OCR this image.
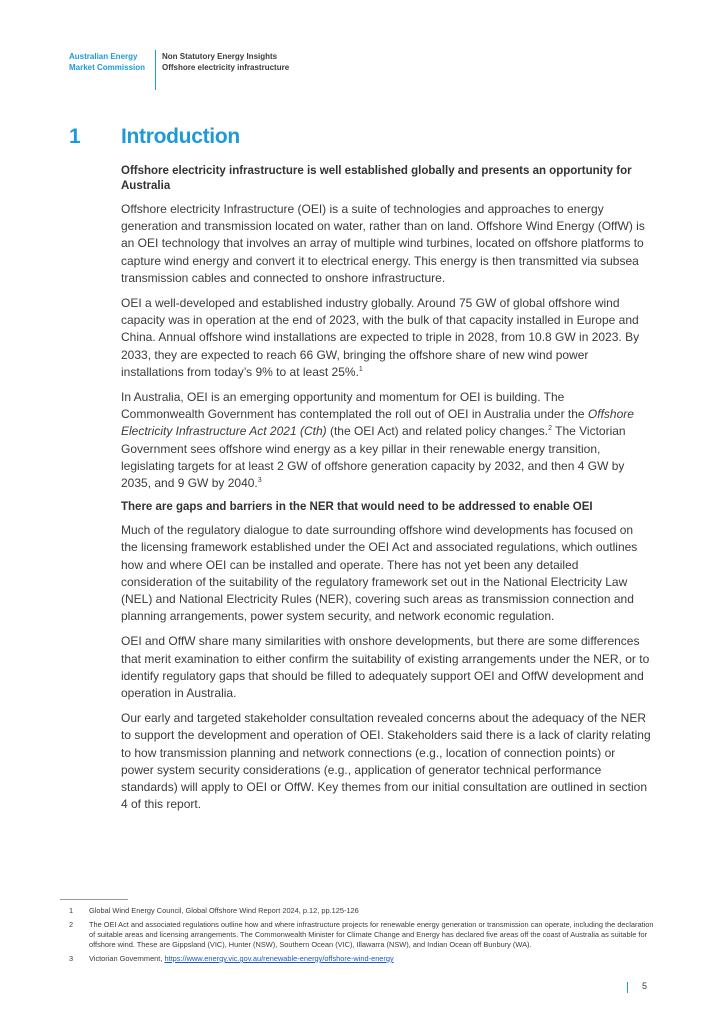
Australian Energy
Market Commission
Non Statutory Energy Insights
Offshore electricity infrastructure
1 Introduction
Offshore electricity infrastructure is well established globally and presents an opportunity for Australia

Offshore electricity Infrastructure (OEI) is a suite of technologies and approaches to energy generation and transmission located on water, rather than on land. Offshore Wind Energy (OffW) is an OEI technology that involves an array of multiple wind turbines, located on offshore platforms to capture wind energy and convert it to electrical energy. This energy is then transmitted via subsea transmission cables and connected to onshore infrastructure.

OEI a well-developed and established industry globally. Around 75 GW of global offshore wind capacity was in operation at the end of 2023, with the bulk of that capacity installed in Europe and China. Annual offshore wind installations are expected to triple in 2028, from 10.8 GW in 2023. By 2033, they are expected to reach 66 GW, bringing the offshore share of new wind power installations from today’s 9% to at least 25%.$^1$

In Australia, OEI is an emerging opportunity and momentum for OEI is building. The Commonwealth Government has contemplated the roll out of OEI in Australia under the Offshore Electricity Infrastructure Act 2021 (Cth) (the OEI Act) and related policy changes.$^2$ The Victorian Government sees offshore wind energy as a key pillar in their renewable energy transition, legislating targets for at least 2 GW of offshore generation capacity by 2032, and then 4 GW by 2035, and 9 GW by 2040.$^3$

There are gaps and barriers in the NER that would need to be addressed to enable OEI

Much of the regulatory dialogue to date surrounding offshore wind developments has focused on the licensing framework established under the OEI Act and associated regulations, which outlines how and where OEI can be installed and operate. There has not yet been any detailed consideration of the suitability of the regulatory framework set out in the National Electricity Law (NEL) and National Electricity Rules (NER), covering such areas as transmission connection and planning arrangements, power system security, and network economic regulation.

OEI and OffW share many similarities with onshore developments, but there are some differences that merit examination to either confirm the suitability of existing arrangements under the NER, or to identify regulatory gaps that should be filled to adequately support OEI and OffW development and operation in Australia.

Our early and targeted stakeholder consultation revealed concerns about the adequacy of the NER to support the development and operation of OEI. Stakeholders said there is a lack of clarity relating to how transmission planning and network connections (e.g., location of connection points) or power system security considerations (e.g., application of generator technical performance standards) will apply to OEI or OffW. Key themes from our initial consultation are outlined in section 4 of this report.

1	Global Wind Energy Council, Global Offshore Wind Report 2024, p.12, pp.125-126
2	The OEI Act and associated regulations outline how and where infrastructure projects for renewable energy generation or transmission can operate, including the declaration of suitable areas and licensing arrangements. The Commonwealth Minister for Climate Change and Energy has declared five areas off the coast of Australia as suitable for offshore wind. These are Gippsland (VIC), Hunter (NSW), Southern Ocean (VIC), Illawarra (NSW), and Indian Ocean off Bunbury (WA).
3	Victorian Government, https://www.energy.vic.gov.au/renewable-energy/offshore-wind-energy
5
